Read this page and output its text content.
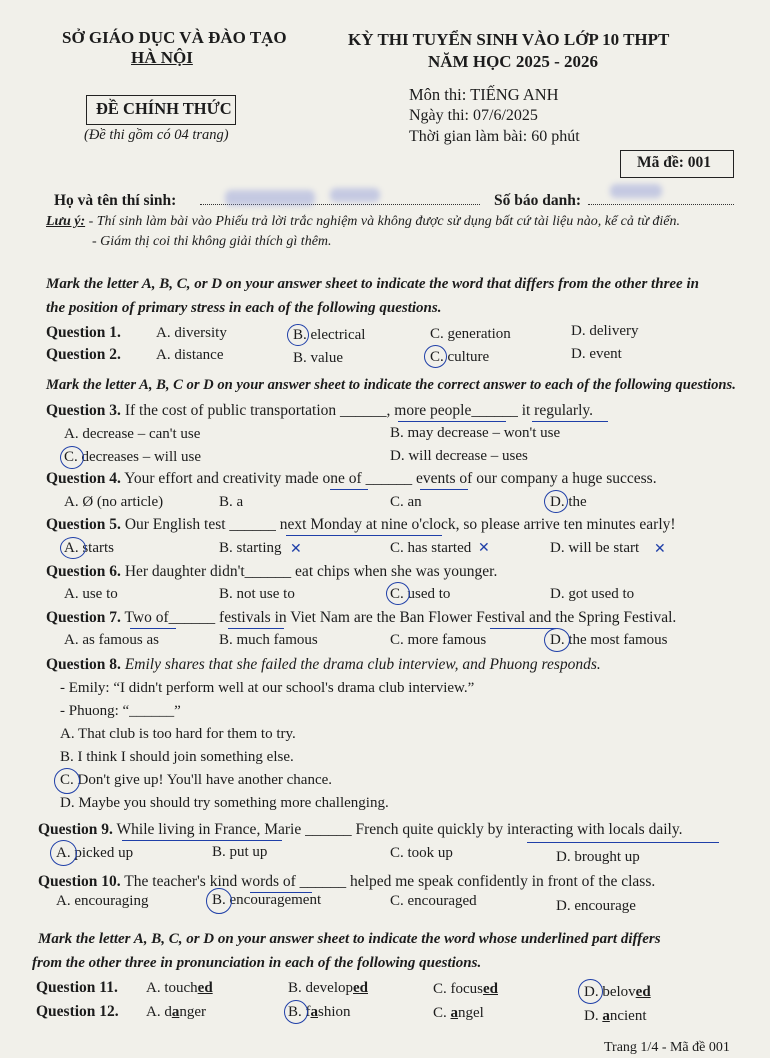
SỞ GIÁO DỤC VÀ ĐÀO TẠO
HÀ NỘI
KỲ THI TUYỂN SINH VÀO LỚP 10 THPT
NĂM HỌC 2025 - 2026
ĐỀ CHÍNH THỨC
(Đề thi gồm có 04 trang)
Môn thi: TIẾNG ANH
Ngày thi: 07/6/2025
Thời gian làm bài: 60 phút
Mã đề: 001
Họ và tên thí sinh:	Số báo danh:
Lưu ý: - Thí sinh làm bài vào Phiếu trả lời trắc nghiệm và không được sử dụng bất cứ tài liệu nào, kể cả từ điển.
- Giám thị coi thi không giải thích gì thêm.
Mark the letter A, B, C, or D on your answer sheet to indicate the word that differs from the other three in
the position of primary stress in each of the following questions.
Question 1. A. diversity	B. electrical	C. generation	D. delivery
Question 2. A. distance	B. value	C. culture	D. event
Mark the letter A, B, C or D on your answer sheet to indicate the correct answer to each of the following questions.
Question 3. If the cost of public transportation ______, more people______ it regularly.
A. decrease – can't use	B. may decrease – won't use
C. decreases – will use	D. will decrease – uses
Question 4. Your effort and creativity made one of ______ events of our company a huge success.
A. Ø (no article)	B. a	C. an	D. the
Question 5. Our English test ______ next Monday at nine o'clock, so please arrive ten minutes early!
A. starts	B. starting ✕	C. has started ✕	D. will be start ✕
Question 6. Her daughter didn't______ eat chips when she was younger.
A. use to	B. not use to	C. used to	D. got used to
Question 7. Two of______ festivals in Viet Nam are the Ban Flower Festival and the Spring Festival.
A. as famous as	B. much famous	C. more famous	D. the most famous
Question 8. Emily shares that she failed the drama club interview, and Phuong responds.
- Emily: “I didn't perform well at our school's drama club interview.”
- Phuong: “______”
A. That club is too hard for them to try.
B. I think I should join something else.
C. Don't give up! You'll have another chance.
D. Maybe you should try something more challenging.
Question 9. While living in France, Marie ______ French quite quickly by interacting with locals daily.
A. picked up	B. put up	C. took up	D. brought up
Question 10. The teacher's kind words of ______ helped me speak confidently in front of the class.
A. encouraging	B. encouragement	C. encouraged	D. encourage
Mark the letter A, B, C, or D on your answer sheet to indicate the word whose underlined part differs
from the other three in pronunciation in each of the following questions.
Question 11. A. touched	B. developed	C. focused	D. beloved
Question 12. A. danger	B. fashion	C. angel	D. ancient
Trang 1/4 - Mã đề 001
